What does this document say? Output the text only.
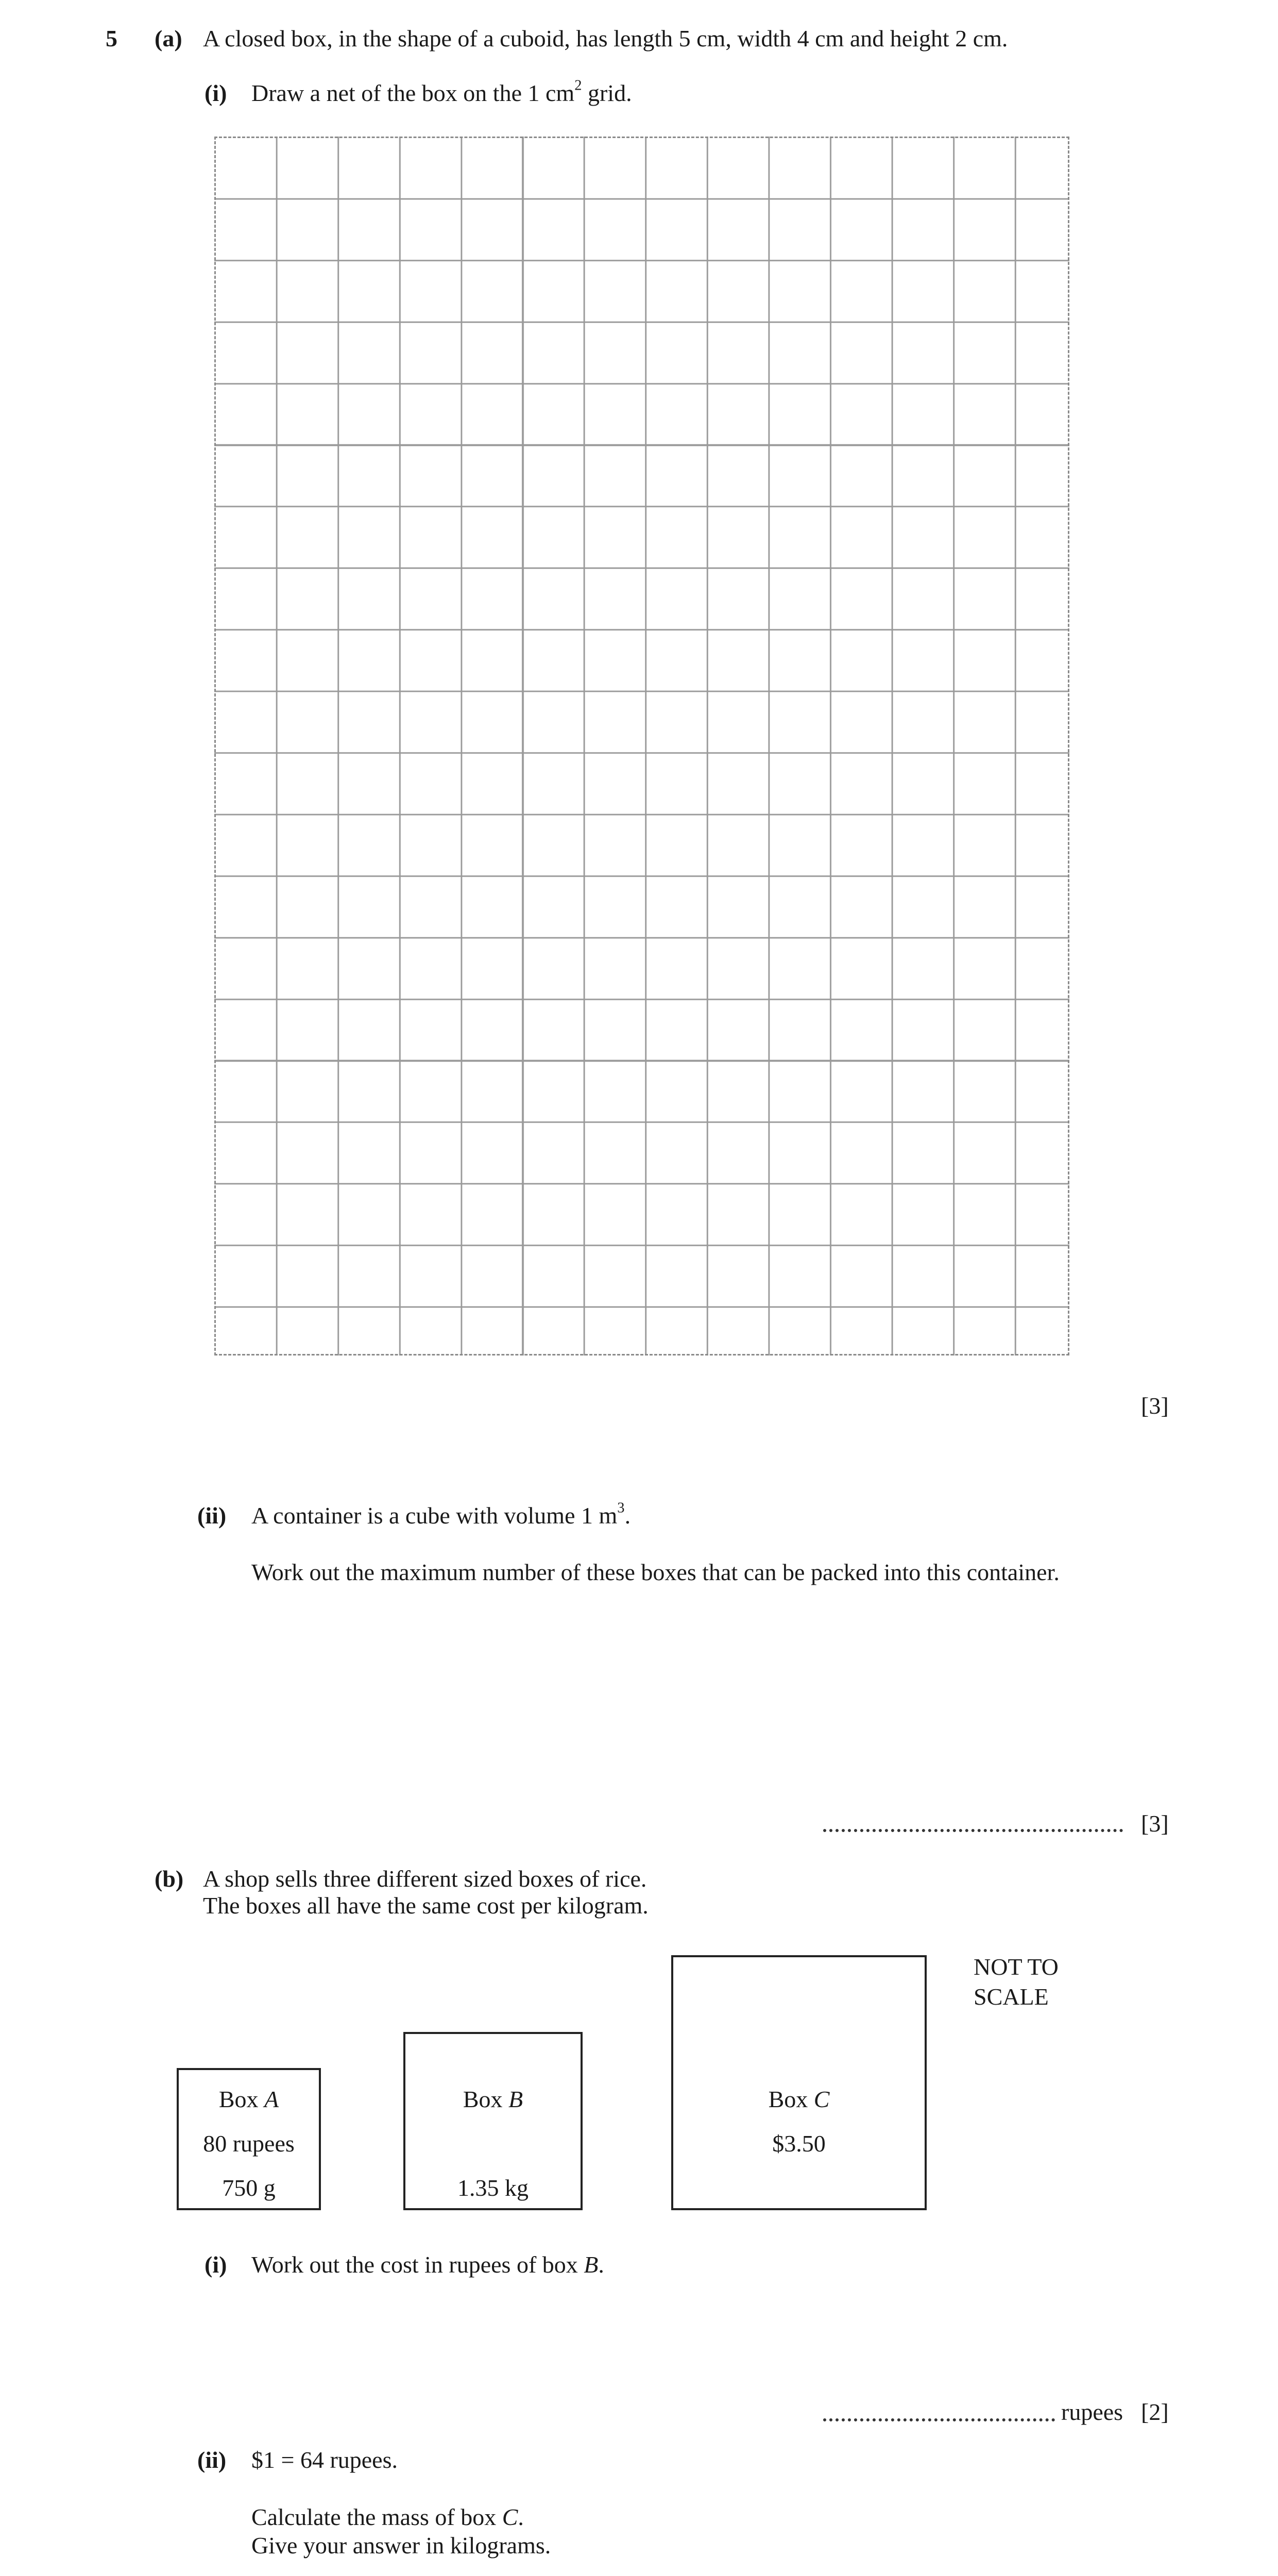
5 (a) A closed box, in the shape of a cuboid, has length 5 cm, width 4 cm and height 2 cm.
(i) Draw a net of the box on the 1 $cm^2$ grid.
[3]
(ii) A container is a cube with volume 1 $m^3$.
Work out the maximum number of these boxes that can be packed into this container.
[3]
(b) A shop sells three different sized boxes of rice.
The boxes all have the same cost per kilogram.
NOT TO
SCALE
Box A
80 rupees
750 g
Box B
1.35 kg
Box C
$3.50
(i) Work out the cost in rupees of box B.
rupees [2]
(ii) $1 = 64 rupees.
Calculate the mass of box C.
Give your answer in kilograms.
